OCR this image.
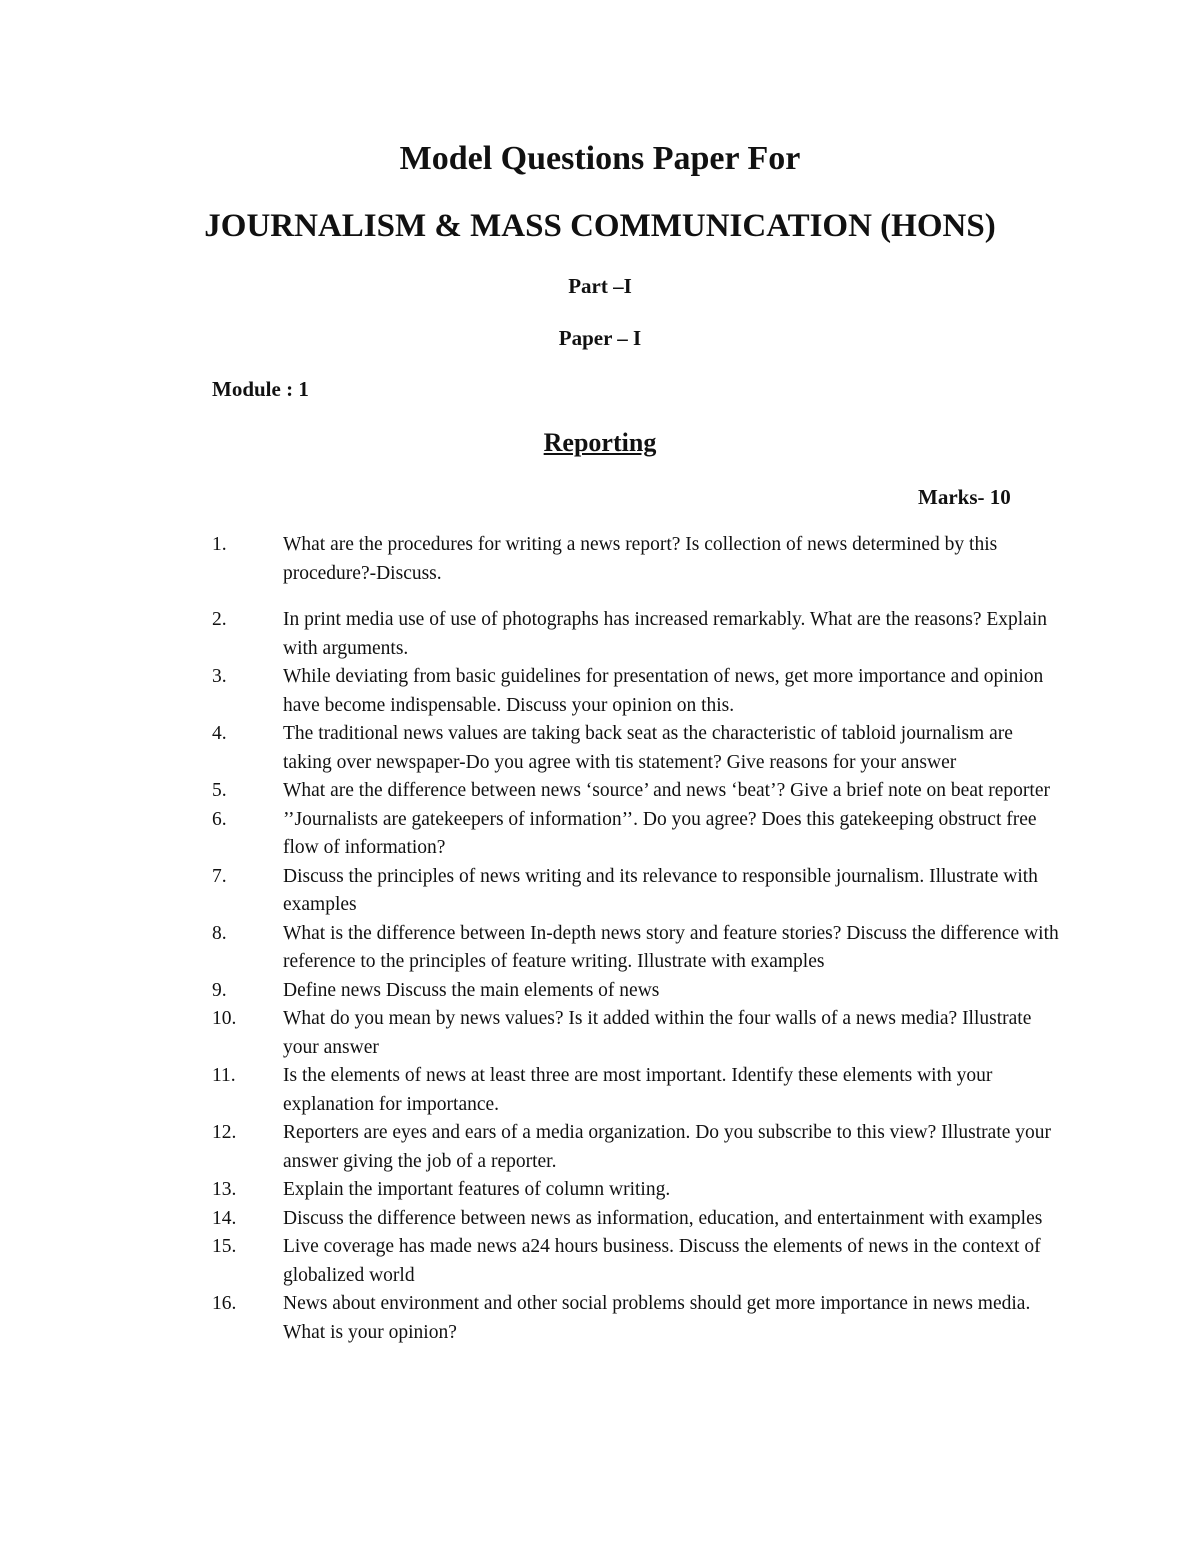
Model Questions Paper For
JOURNALISM & MASS COMMUNICATION (HONS)
Part –I
Paper – I
Module : 1
Reporting
Marks- 10

1.	What are the procedures for writing a news report? Is collection of news determined by this procedure?-Discuss.

2.	In print media use of use of photographs has increased remarkably. What are the reasons? Explain with arguments.

3.	While deviating from basic guidelines for presentation of news, get more importance and opinion have become indispensable. Discuss your opinion on this.

4.	The traditional news values are taking back seat as the characteristic of tabloid journalism are taking over newspaper-Do you agree with tis statement? Give reasons for your answer

5.	What are the difference between news ‘source’ and news ‘beat’? Give a brief note on beat reporter

6.	’’Journalists are gatekeepers of information’’. Do you agree? Does this gatekeeping obstruct free flow of information?

7.	Discuss the principles of news writing and its relevance to responsible journalism. Illustrate with examples

8.	What is the difference between In-depth news story and feature stories? Discuss the difference with reference to the principles of feature writing. Illustrate with examples

9.	Define news Discuss the main elements of news

10. What do you mean by news values? Is it added within the four walls of a news media? Illustrate your answer

11. Is the elements of news at least three are most important. Identify these elements with your explanation for importance.

12. Reporters are eyes and ears of a media organization. Do you subscribe to this view? Illustrate your answer giving the job of a reporter.

13. Explain the important features of column writing.

14. Discuss the difference between news as information, education, and entertainment with examples

15. Live coverage has made news a24 hours business. Discuss the elements of news in the context of globalized world

16. News about environment and other social problems should get more importance in news media. What is your opinion?
